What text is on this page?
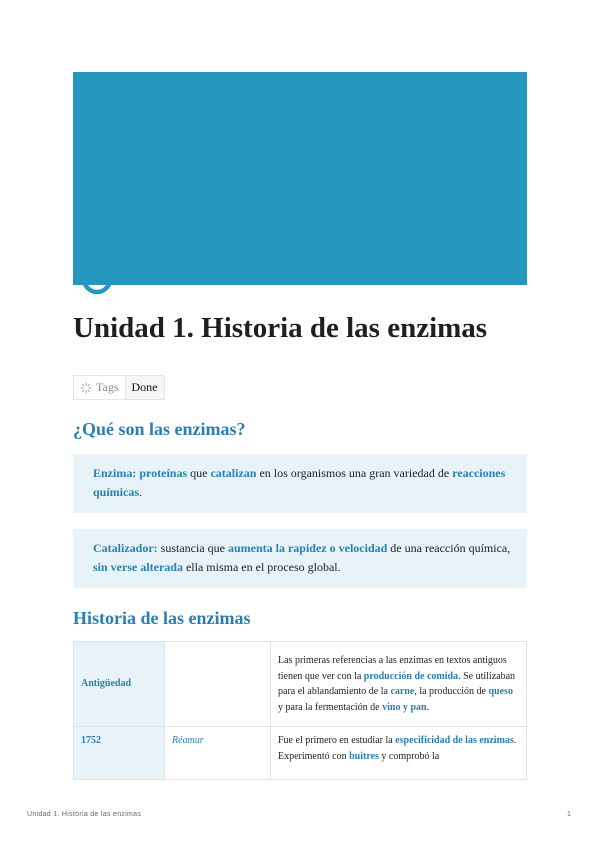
Unidad 1. Historia de las enzimas
Tags	Done
¿Qué son las enzimas?
Enzima: proteínas que catalizan en los organismos una gran variedad de reacciones químicas.
Catalizador: sustancia que aumenta la rapidez o velocidad de una reacción química, sin verse alterada ella misma en el proceso global.
Historia de las enzimas
Antigüedad		Las primeras referencias a las enzimas en textos antiguos tienen que ver con la producción de comida. Se utilizaban para el ablandamiento de la carne, la producción de queso y para la fermentación de vino y pan.
1752	Réamur	Fue el primero en estudiar la especificidad de las enzimas. Experimentó con buitres y comprobó la
Unidad 1. Historia de las enzimas	1
